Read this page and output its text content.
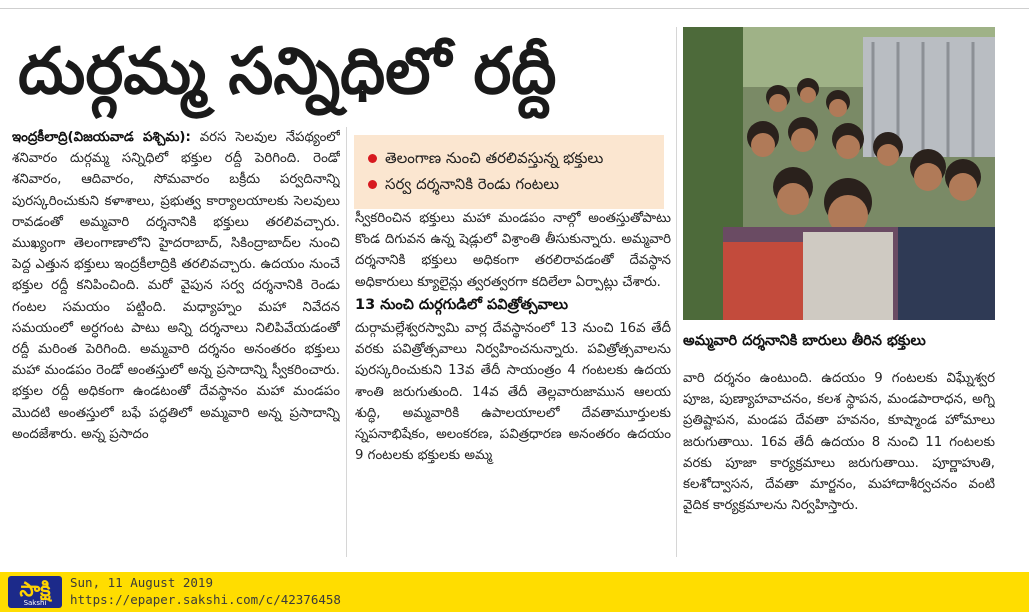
దుర్గమ్మ సన్నిధిలో రద్దీ

ఇంద్రకీలాద్రి(విజయవాడ పశ్చిమ): వరస సెలవుల నేపథ్యంలో శనివారం దుర్గమ్మ సన్నిధిలో భక్తుల రద్దీ పెరిగింది. రెండో శనివారం, ఆదివారం, సోమవారం బక్రీదు పర్వదినాన్ని పురస్కరించుకుని కళాశాలు, ప్రభుత్వ కార్యాలయాలకు సెలవులు రావడంతో అమ్మవారి దర్శనానికి భక్తులు తరలివచ్చారు. ముఖ్యంగా తెలంగాణాలోని హైదరాబాద్, సికింద్రాబాద్‌ల నుంచి పెద్ద ఎత్తున భక్తులు ఇంద్రకీలాద్రికి తరలివచ్చారు. ఉదయం నుంచే భక్తుల రద్దీ కనిపించింది. మరో వైపున సర్వ దర్శనానికి రెండు గంటల సమయం పట్టింది. మధ్యాహ్నం మహా నివేదన సమయంలో అర్ధగంట పాటు అన్ని దర్శనాలు నిలిపివేయడంతో రద్దీ మరింత పెరిగింది. అమ్మవారి దర్శనం అనంతరం భక్తులు మహా మండపం రెండో అంతస్తులో అన్న ప్రసాదాన్ని స్వీకరించారు. భక్తుల రద్దీ అధికంగా ఉండటంతో దేవస్థానం మహా మండపం మొదటి అంతస్తులో బఫే పద్ధతిలో అమ్మవారి అన్న ప్రసాదాన్ని అందజేశారు. అన్న ప్రసాదం

తెలంగాణ నుంచి తరలివస్తున్న భక్తులు
సర్వ దర్శనానికి రెండు గంటలు

స్వీకరించిన భక్తులు మహా మండపం నాల్గో అంతస్తుతోపాటు కొండ దిగువన ఉన్న షెడ్లులో విశ్రాంతి తీసుకున్నారు. అమ్మవారి దర్శనానికి భక్తులు అధికంగా తరలిరావడంతో దేవస్థాన అధికారులు క్యూలైన్లు త్వరత్వరగా కదిలేలా ఏర్పాట్లు చేశారు.

13 నుంచి దుర్గగుడిలో పవిత్రోత్సవాలు

దుర్గామల్లేశ్వరస్వామి వార్ల దేవస్థానంలో 13 నుంచి 16వ తేదీ వరకు పవిత్రోత్సవాలు నిర్వహించనున్నారు. పవిత్రోత్సవాలను పురస్కరించుకుని 13వ తేదీ సాయంత్రం 4 గంటలకు ఉదయ శాంతి జరుగుతుంది. 14వ తేదీ తెల్లవారుజామున ఆలయ శుద్ధి, అమ్మవారికి ఉపాలయాలలో దేవతామూర్తులకు స్నపనాభిషేకం, అలంకరణ, పవిత్రధారణ అనంతరం ఉదయం 9 గంటలకు భక్తులకు అమ్మ

అమ్మవారి దర్శనానికి బారులు తీరిన భక్తులు

వారి దర్శనం ఉంటుంది. ఉదయం 9 గంటలకు విఘ్నేశ్వర పూజ, పుణ్యాహవాచనం, కలశ స్థాపన, మండపారాధన, అగ్ని ప్రతిష్టాపన, మండప దేవతా హవనం, కూష్మాండ హోమాలు జరుగుతాయి. 16వ తేదీ ఉదయం 8 నుంచి 11 గంటలకు వరకు పూజా కార్యక్రమాలు జరుగుతాయి. పూర్ణాహుతి, కలశోద్వాసన, దేవతా మార్జనం, మహాదాశీర్వచనం వంటి వైదిక కార్యక్రమాలను నిర్వహిస్తారు.

సాక్షి
Sakshi
Sun, 11 August 2019
https://epaper.sakshi.com/c/42376458
